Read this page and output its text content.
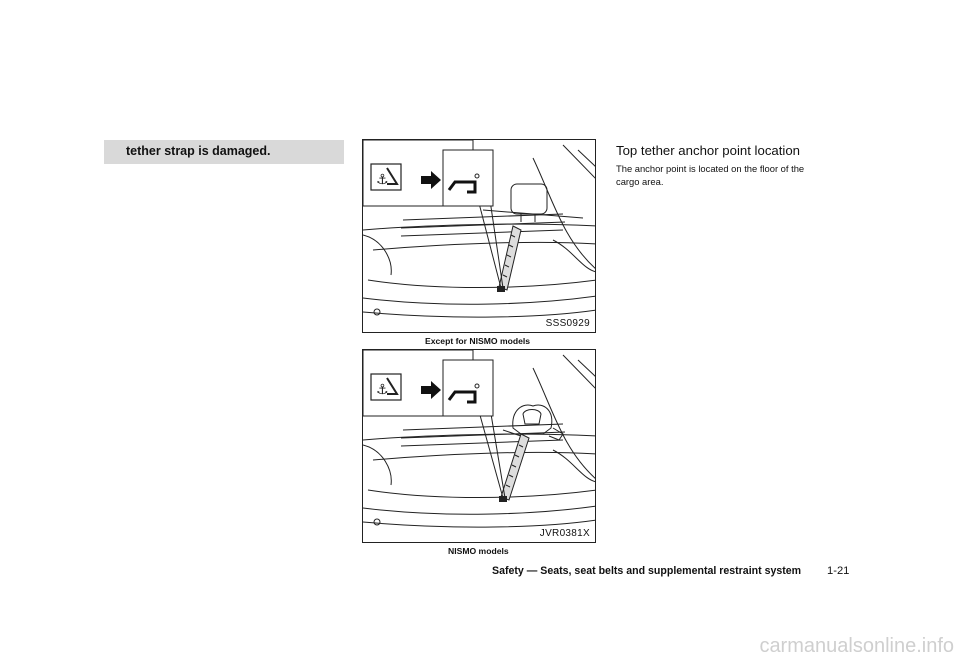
tether strap is damaged.
⚓
SSS0929
Except for NISMO models
⚓
JVR0381X
NISMO models
Top tether anchor point location
The anchor point is located on the floor of the
cargo area.
Safety — Seats, seat belts and supplemental restraint system 1-21
carmanualsonline.info
